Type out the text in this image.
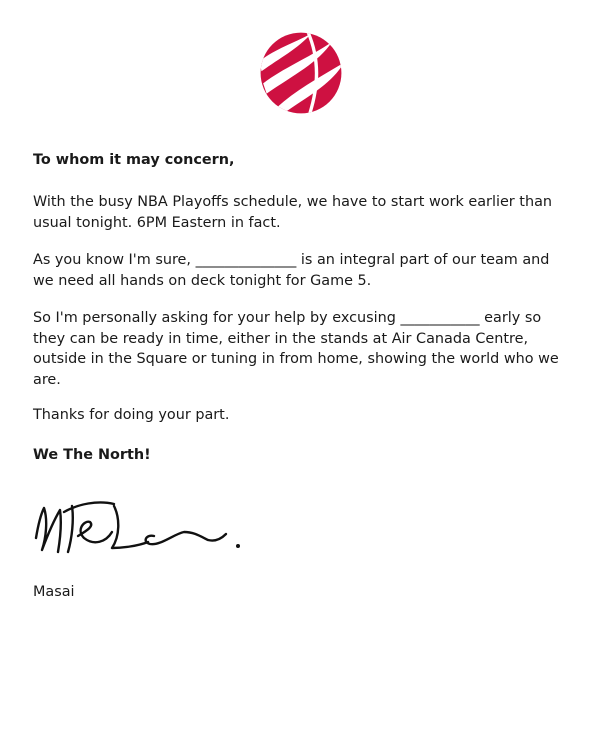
To whom it may concern,

With the busy NBA Playoffs schedule, we have to start work earlier than usual tonight. 6PM Eastern in fact.

As you know I'm sure, ______________ is an integral part of our team and we need all hands on deck tonight for Game 5.

So I'm personally asking for your help by excusing ___________ early so they can be ready in time, either in the stands at Air Canada Centre, outside in the Square or tuning in from home, showing the world who we are.

Thanks for doing your part.

We The North!

Masai
